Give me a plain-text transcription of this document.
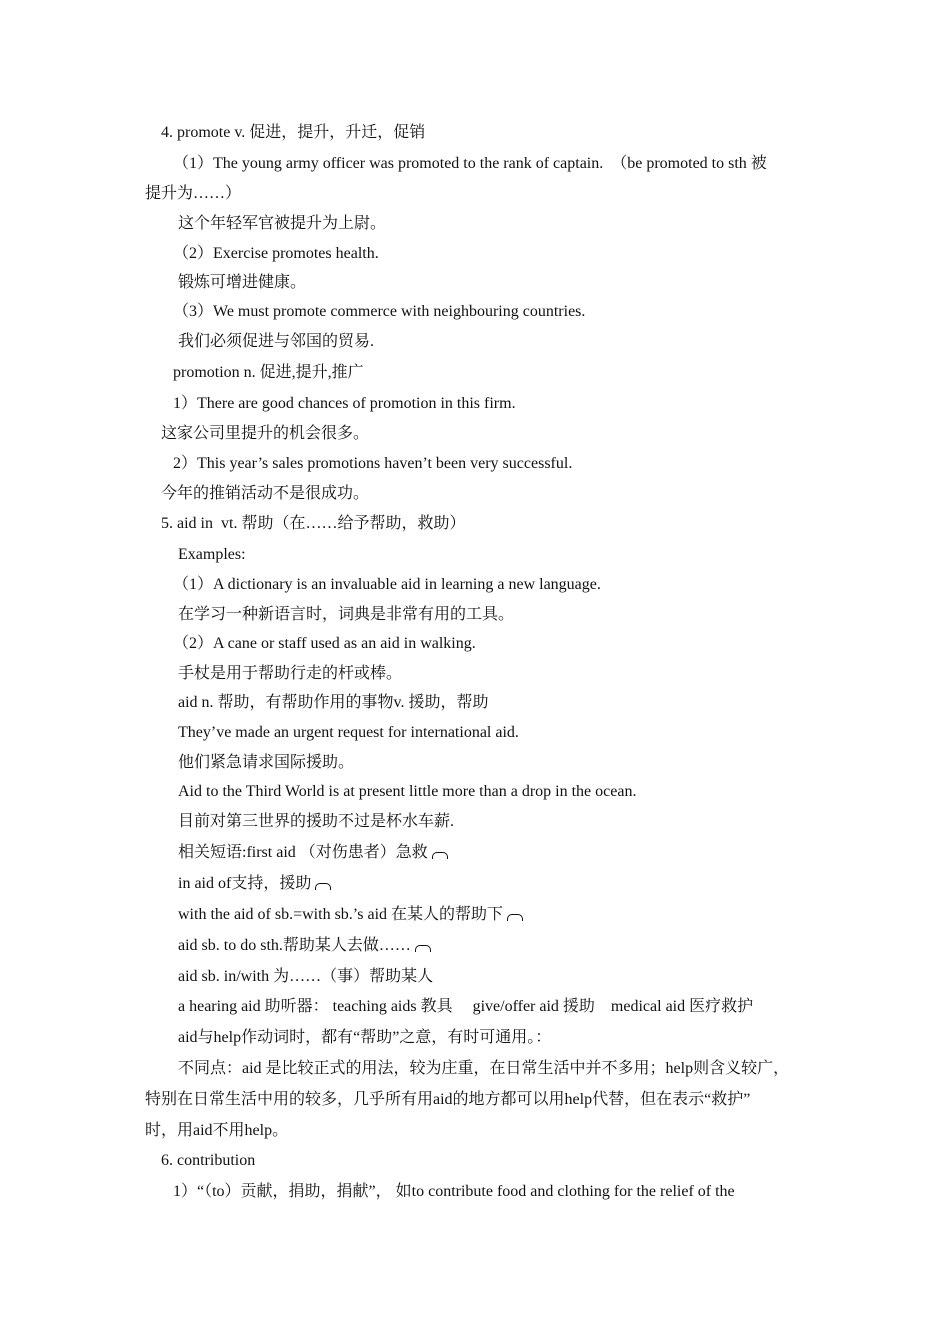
4. promote v. 促进，提升，升迁，促销
（1）The young army officer was promoted to the rank of captain.  （be promoted to sth 被
提升为……）
这个年轻军官被提升为上尉。
（2）Exercise promotes health.
锻炼可增进健康。
（3）We must promote commerce with neighbouring countries.
我们必须促进与邻国的贸易.
promotion n. 促进,提升,推广
1）There are good chances of promotion in this firm.
这家公司里提升的机会很多。
2）This year’s sales promotions haven’t been very successful.
今年的推销活动不是很成功。
5. aid in  vt. 帮助（在……给予帮助，救助）
Examples:
（1）A dictionary is an invaluable aid in learning a new language.
在学习一种新语言时，词典是非常有用的工具。
（2）A cane or staff used as an aid in walking.
手杖是用于帮助行走的杆或棒。
aid n. 帮助，有帮助作用的事物v. 援助，帮助
They’ve made an urgent request for international aid.
他们紧急请求国际援助。
Aid to the Third World is at present little more than a drop in the ocean.
目前对第三世界的援助不过是杯水车薪.
相关短语:first aid （对伤患者）急救
in aid of支持，援助
with the aid of sb.=with sb.’s aid 在某人的帮助下
aid sb. to do sth.帮助某人去做……
aid sb. in/with 为……（事）帮助某人
a hearing aid 助听器： teaching aids 教具     give/offer aid 援助    medical aid 医疗救护
aid与help作动词时，都有“帮助”之意，有时可通用。：
不同点：aid 是比较正式的用法，较为庄重，在日常生活中并不多用；help则含义较广，
特别在日常生活中用的较多，几乎所有用aid的地方都可以用help代替，但在表示“救护”
时，用aid不用help。
6. contribution
1）“（to）贡献，捐助，捐献”， 如to contribute food and clothing for the relief of the
